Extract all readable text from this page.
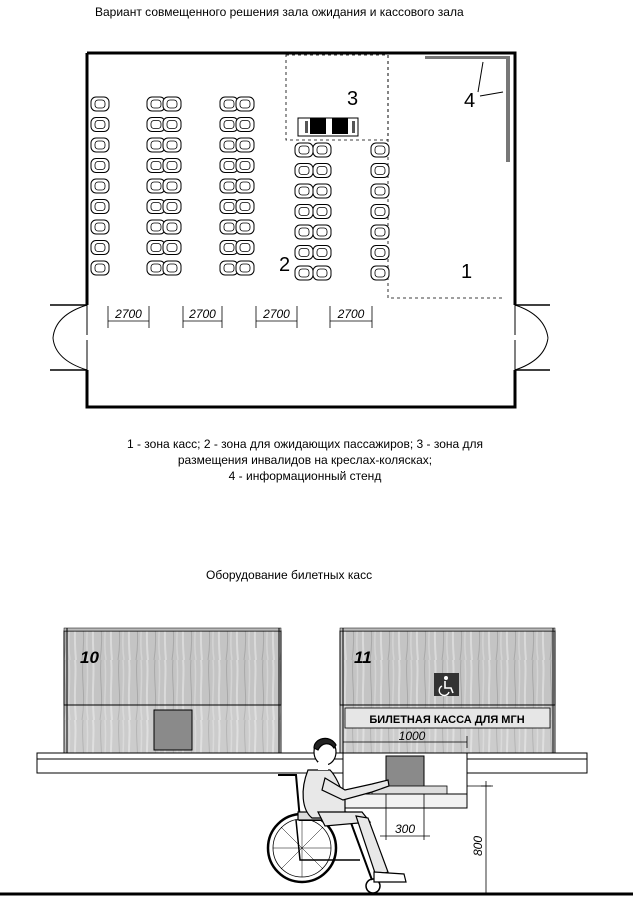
Вариант совмещенного решения зала ожидания и кассового зала
2700	2700	2700	2700
1
2
3	4
10
БИЛЕТНАЯ КАССА ДЛЯ МГН
11
1000
300
800
1 - зона касс; 2 - зона для ожидающих пассажиров; 3 - зона для
размещения инвалидов на креслах-колясках;
4 - информационный стенд
Оборудование билетных касс
